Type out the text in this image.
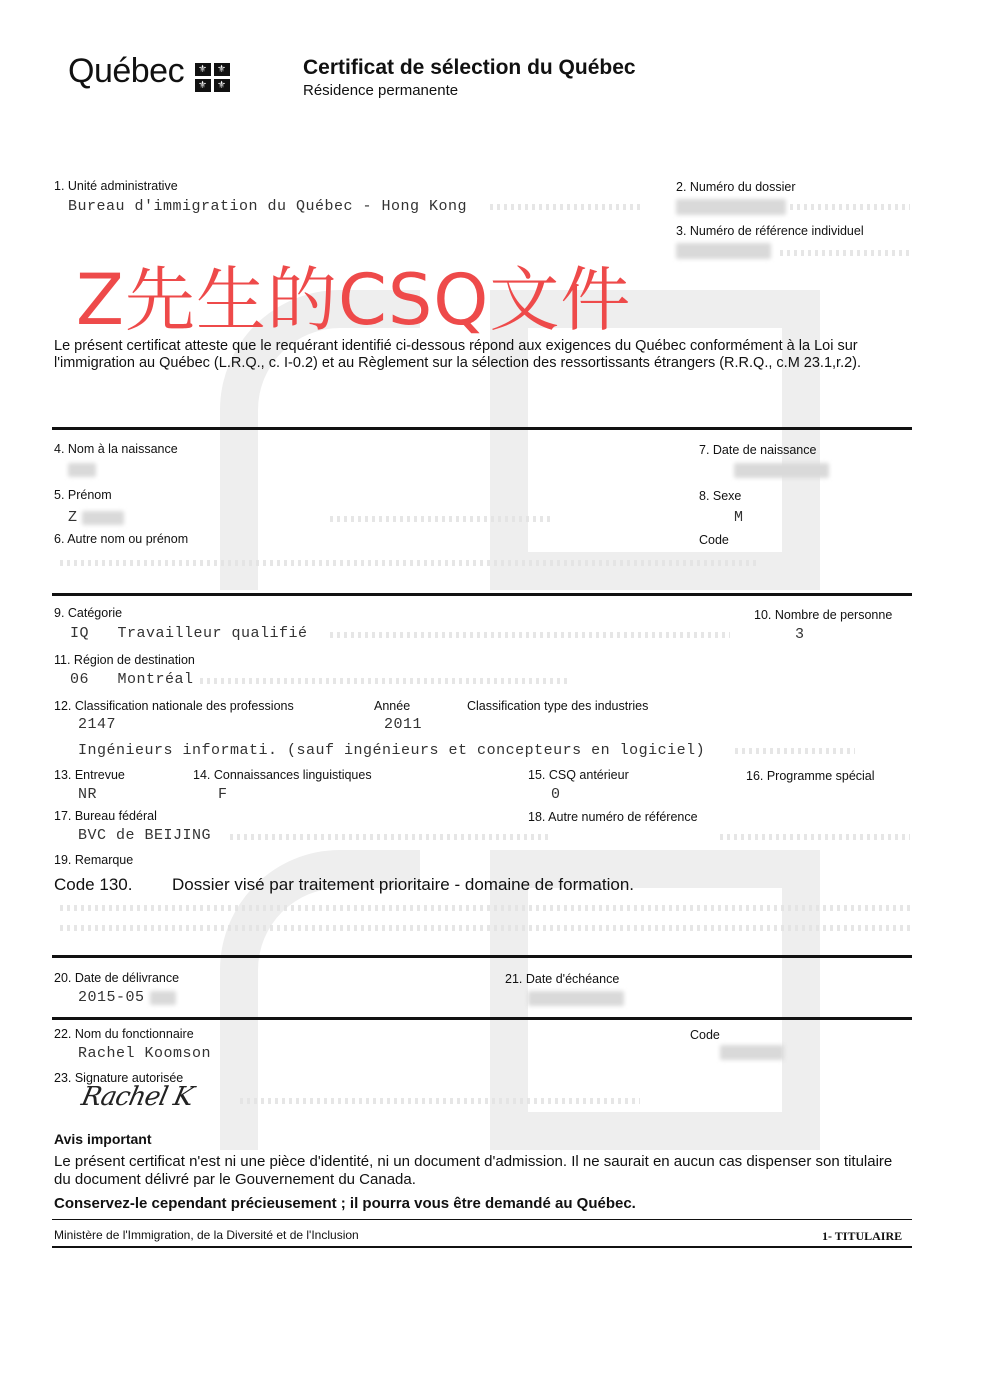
Québec	⚜	⚜
⚜	⚜
Certificat de sélection du Québec
Résidence permanente
1. Unité administrative
Bureau d'immigration du Québec - Hong Kong
2. Numéro du dossier
3. Numéro de référence individuel
Z先生的CSQ文件
Le présent certificat atteste que le requérant identifié ci-dessous répond aux exigences du Québec conformément à la Loi sur l'immigration au Québec (L.R.Q., c. I-0.2) et au Règlement sur la sélection des ressortissants étrangers (R.R.Q., c.M 23.1,r.2).
4. Nom à la naissance	7. Date de naissance
5. Prénom
Z
8. Sexe
M
6. Autre nom ou prénom	Code
9. Catégorie
IQ   Travailleur qualifié
10. Nombre de personne
3
11. Région de destination
06   Montréal
12. Classification nationale des professions
2147
Année
2011
Classification type des industries
Ingénieurs informati. (sauf ingénieurs et concepteurs en logiciel)
13. Entrevue
NR
14. Connaissances linguistiques
F
15. CSQ antérieur
0
16. Programme spécial
17. Bureau fédéral
BVC de BEIJING
18. Autre numéro de référence
19. Remarque
Code 130. Dossier visé par traitement prioritaire - domaine de formation.
20. Date de délivrance
2015-05
21. Date d'échéance
22. Nom du fonctionnaire
Rachel Koomson
Code
23. Signature autorisée
Rachel K
Avis important
Le présent certificat n'est ni une pièce d'identité, ni un document d'admission. Il ne saurait en aucun cas dispenser son titulaire du document délivré par le Gouvernement du Canada.
Conservez-le cependant précieusement ; il pourra vous être demandé au Québec.
Ministère de l'Immigration, de la Diversité et de l'Inclusion	1- TITULAIRE
